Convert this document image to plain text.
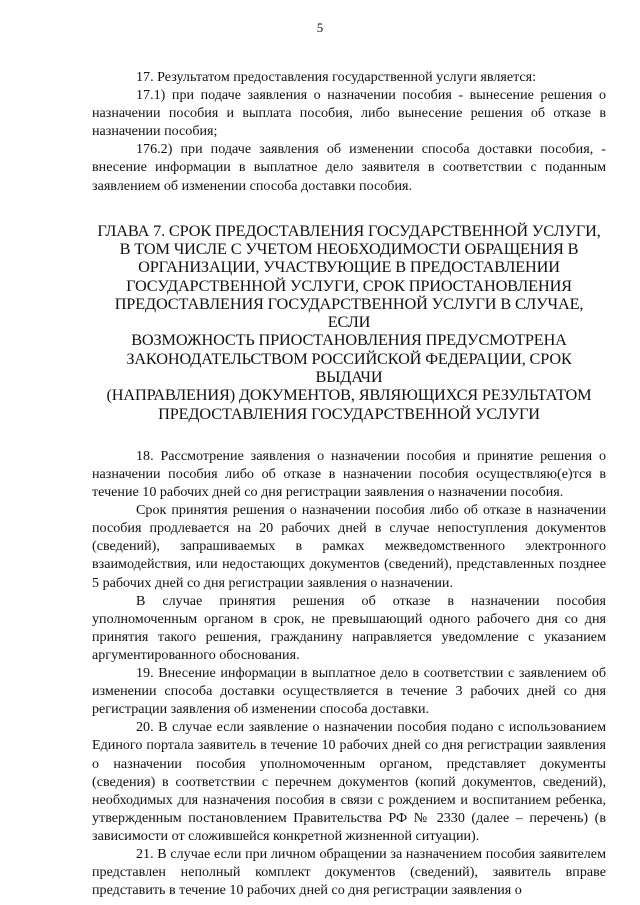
5

17. Результатом предоставления государственной услуги является:

17.1) при подаче заявления о назначении пособия - вынесение решения о назначении пособия и выплата пособия, либо вынесение решения об отказе в назначении пособия;

176.2) при подаче заявления об изменении способа доставки пособия, - внесение информации в выплатное дело заявителя в соответствии с поданным заявлением об изменении способа доставки пособия.

ГЛАВА 7. СРОК ПРЕДОСТАВЛЕНИЯ ГОСУДАРСТВЕННОЙ УСЛУГИ,
В ТОМ ЧИСЛЕ С УЧЕТОМ НЕОБХОДИМОСТИ ОБРАЩЕНИЯ В
ОРГАНИЗАЦИИ, УЧАСТВУЮЩИЕ В ПРЕДОСТАВЛЕНИИ
ГОСУДАРСТВЕННОЙ УСЛУГИ, СРОК ПРИОСТАНОВЛЕНИЯ
ПРЕДОСТАВЛЕНИЯ ГОСУДАРСТВЕННОЙ УСЛУГИ В СЛУЧАЕ, ЕСЛИ
ВОЗМОЖНОСТЬ ПРИОСТАНОВЛЕНИЯ ПРЕДУСМОТРЕНА
ЗАКОНОДАТЕЛЬСТВОМ РОССИЙСКОЙ ФЕДЕРАЦИИ, СРОК ВЫДАЧИ
(НАПРАВЛЕНИЯ) ДОКУМЕНТОВ, ЯВЛЯЮЩИХСЯ РЕЗУЛЬТАТОМ
ПРЕДОСТАВЛЕНИЯ ГОСУДАРСТВЕННОЙ УСЛУГИ

18. Рассмотрение заявления о назначении пособия и принятие решения о назначении пособия либо об отказе в назначении пособия осуществляю(е)тся в течение 10 рабочих дней со дня регистрации заявления о назначении пособия.

Срок принятия решения о назначении пособия либо об отказе в назначении пособия продлевается на 20 рабочих дней в случае непоступления документов (сведений), запрашиваемых в рамках межведомственного электронного взаимодействия, или недостающих документов (сведений), представленных позднее 5 рабочих дней со дня регистрации заявления о назначении.

В случае принятия решения об отказе в назначении пособия уполномоченным органом в срок, не превышающий одного рабочего дня со дня принятия такого решения, гражданину направляется уведомление с указанием аргументированного обоснования.

19. Внесение информации в выплатное дело в соответствии с заявлением об изменении способа доставки осуществляется в течение 3 рабочих дней со дня регистрации заявления об изменении способа доставки.

20. В случае если заявление о назначении пособия подано с использованием Единого портала заявитель в течение 10 рабочих дней со дня регистрации заявления о назначении пособия уполномоченным органом, представляет документы (сведения) в соответствии с перечнем документов (копий документов, сведений), необходимых для назначения пособия в связи с рождением и воспитанием ребенка, утвержденным постановлением Правительства РФ № 2330 (далее – перечень) (в зависимости от сложившейся конкретной жизненной ситуации).

21. В случае если при личном обращении за назначением пособия заявителем представлен неполный комплект документов (сведений), заявитель вправе представить в течение 10 рабочих дней со дня регистрации заявления о
